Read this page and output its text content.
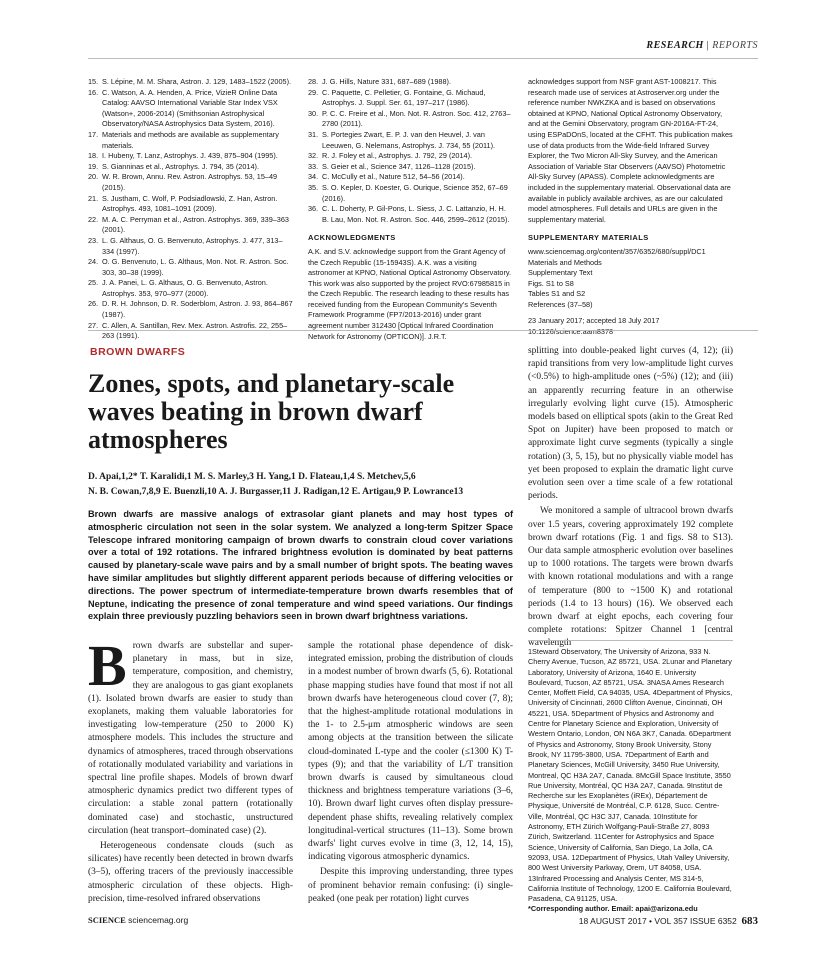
RESEARCH | REPORTS
15. S. Lépine, M. M. Shara, Astron. J. 129, 1483–1522 (2005).
16. C. Watson, A. A. Henden, A. Price, VizieR Online Data Catalog: AAVSO International Variable Star Index VSX (Watson+, 2006-2014) (Smithsonian Astrophysical Observatory/NASA Astrophysics Data System, 2016).
17. Materials and methods are available as supplementary materials.
18. I. Hubeny, T. Lanz, Astrophys. J. 439, 875–904 (1995).
19. S. Gianninas et al., Astrophys. J. 794, 35 (2014).
20. W. R. Brown, Annu. Rev. Astron. Astrophys. 53, 15–49 (2015).
21. S. Justham, C. Wolf, P. Podsiadlowski, Z. Han, Astron. Astrophys. 493, 1081–1091 (2009).
22. M. A. C. Perryman et al., Astron. Astrophys. 369, 339–363 (2001).
23. L. G. Althaus, O. G. Benvenuto, Astrophys. J. 477, 313–334 (1997).
24. O. G. Benvenuto, L. G. Althaus, Mon. Not. R. Astron. Soc. 303, 30–38 (1999).
25. J. A. Panei, L. G. Althaus, O. G. Benvenuto, Astron. Astrophys. 353, 970–977 (2000).
26. D. R. H. Johnson, D. R. Soderblom, Astron. J. 93, 864–867 (1987).
27. C. Allen, A. Santillan, Rev. Mex. Astron. Astrofis. 22, 255–263 (1991).
28. J. G. Hills, Nature 331, 687–689 (1988).
29. C. Paquette, C. Pelletier, G. Fontaine, G. Michaud, Astrophys. J. Suppl. Ser. 61, 197–217 (1986).
30. P. C. C. Freire et al., Mon. Not. R. Astron. Soc. 412, 2763–2780 (2011).
31. S. Portegies Zwart, E. P. J. van den Heuvel, J. van Leeuwen, G. Nelemans, Astrophys. J. 734, 55 (2011).
32. R. J. Foley et al., Astrophys. J. 792, 29 (2014).
33. S. Geier et al., Science 347, 1126–1128 (2015).
34. C. McCully et al., Nature 512, 54–56 (2014).
35. S. O. Kepler, D. Koester, G. Ourique, Science 352, 67–69 (2016).
36. C. L. Doherty, P. Gil-Pons, L. Siess, J. C. Lattanzio, H. H. B. Lau, Mon. Not. R. Astron. Soc. 446, 2599–2612 (2015).
ACKNOWLEDGMENTS
A.K. and S.V. acknowledge support from the Grant Agency of the Czech Republic (15-15943S). A.K. was a visiting astronomer at KPNO, National Optical Astronomy Observatory. This work was also supported by the project RVO:67985815 in the Czech Republic. The research leading to these results has received funding from the European Community's Seventh Framework Programme (FP7/2013-2016) under grant agreement number 312430 [Optical Infrared Coordination Network for Astronomy (OPTICON)]. J.R.T.
acknowledges support from NSF grant AST-1008217. This research made use of services at Astroserver.org under the reference number NWKZKA and is based on observations obtained at KPNO, National Optical Astronomy Observatory, and at the Gemini Observatory, program GN-2016A-FT-24, using ESPaDOnS, located at the CFHT. This publication makes use of data products from the Wide-field Infrared Survey Explorer, the Two Micron All-Sky Survey, and the American Association of Variable Star Observers (AAVSO) Photometric All-Sky Survey (APASS). Complete acknowledgments are included in the supplementary material. Observational data are available in publicly available archives, as are our calculated model atmospheres. Full details and URLs are given in the supplementary material.
SUPPLEMENTARY MATERIALS
www.sciencemag.org/content/357/6352/680/suppl/DC1
Materials and Methods
Supplementary Text
Figs. S1 to S8
Tables S1 and S2
References (37–58)
23 January 2017; accepted 18 July 2017
10.1126/science.aam8378
BROWN DWARFS
Zones, spots, and planetary-scale waves beating in brown dwarf atmospheres
D. Apai,1,2* T. Karalidi,1 M. S. Marley,3 H. Yang,1 D. Flateau,1,4 S. Metchev,5,6
N. B. Cowan,7,8,9 E. Buenzli,10 A. J. Burgasser,11 J. Radigan,12 E. Artigau,9 P. Lowrance13
Brown dwarfs are massive analogs of extrasolar giant planets and may host types of atmospheric circulation not seen in the solar system. We analyzed a long-term Spitzer Space Telescope infrared monitoring campaign of brown dwarfs to constrain cloud cover variations over a total of 192 rotations. The infrared brightness evolution is dominated by beat patterns caused by planetary-scale wave pairs and by a small number of bright spots. The beating waves have similar amplitudes but slightly different apparent periods because of differing velocities or directions. The power spectrum of intermediate-temperature brown dwarfs resembles that of Neptune, indicating the presence of zonal temperature and wind speed variations. Our findings explain three previously puzzling behaviors seen in brown dwarf brightness variations.
Brown dwarfs are substellar and super-planetary in mass, but in size, temperature, composition, and chemistry, they are analogous to gas giant exoplanets (1). Isolated brown dwarfs are easier to study than exoplanets, making them valuable laboratories for investigating low-temperature (250 to 2000 K) atmosphere models. This includes the structure and dynamics of atmospheres, traced through observations of rotationally modulated variability and variations in spectral line profile shapes. Models of brown dwarf atmospheric dynamics predict two different types of circulation: a stable zonal pattern (rotationally dominated case) and stochastic, unstructured circulation (heat transport–dominated case) (2).
Heterogeneous condensate clouds (such as silicates) have recently been detected in brown dwarfs (3–5), offering tracers of the previously inaccessible atmospheric circulation of these objects. High-precision, time-resolved infrared observations
sample the rotational phase dependence of disk-integrated emission, probing the distribution of clouds in a modest number of brown dwarfs (5, 6). Rotational phase mapping studies have found that most if not all brown dwarfs have heterogeneous cloud cover (7, 8); that the highest-amplitude rotational modulations in the 1- to 2.5-μm atmospheric windows are seen among objects at the transition between the silicate cloud-dominated L-type and the cooler (≤1300 K) T-types (9); and that the variability of L/T transition brown dwarfs is caused by simultaneous cloud thickness and brightness temperature variations (3–6, 10). Brown dwarf light curves often display pressure-dependent phase shifts, revealing relatively complex longitudinal-vertical structures (11–13). Some brown dwarfs' light curves evolve in time (3, 12, 14, 15), indicating vigorous atmospheric dynamics.
Despite this improving understanding, three types of prominent behavior remain confusing: (i) single-peaked (one peak per rotation) light curves
splitting into double-peaked light curves (4, 12); (ii) rapid transitions from very low-amplitude light curves (<0.5%) to high-amplitude ones (~5%) (12); and (iii) an apparently recurring feature in an otherwise irregularly evolving light curve (15). Atmospheric models based on elliptical spots (akin to the Great Red Spot on Jupiter) have been proposed to match or approximate light curve segments (typically a single rotation) (3, 5, 15), but no physically viable model has yet been proposed to explain the dramatic light curve evolution seen over a time scale of a few rotational periods.
We monitored a sample of ultracool brown dwarfs over 1.5 years, covering approximately 192 complete brown dwarf rotations (Fig. 1 and figs. S8 to S13). Our data sample atmospheric evolution over baselines up to 1000 rotations. The targets were brown dwarfs with known rotational modulations and with a range of temperature (800 to ~1500 K) and rotational periods (1.4 to 13 hours) (16). We observed each brown dwarf at eight epochs, each covering four complete rotations: Spitzer Channel 1 [central wavelength
1Steward Observatory, The University of Arizona, 933 N. Cherry Avenue, Tucson, AZ 85721, USA. 2Lunar and Planetary Laboratory, University of Arizona, 1640 E. University Boulevard, Tucson, AZ 85721, USA. 3NASA Ames Research Center, Moffett Field, CA 94035, USA. 4Department of Physics, University of Cincinnati, 2600 Clifton Avenue, Cincinnati, OH 45221, USA. 5Department of Physics and Astronomy and Centre for Planetary Science and Exploration, University of Western Ontario, London, ON N6A 3K7, Canada. 6Department of Physics and Astronomy, Stony Brook University, Stony Brook, NY 11795-3800, USA. 7Department of Earth and Planetary Sciences, McGill University, 3450 Rue University, Montreal, QC H3A 2A7, Canada. 8McGill Space Institute, 3550 Rue University, Montréal, QC H3A 2A7, Canada. 9Institut de Recherche sur les Exoplanètes (iREx), Département de Physique, Université de Montréal, C.P. 6128, Succ. Centre-Ville, Montréal, QC H3C 3J7, Canada. 10Institute for Astronomy, ETH Zürich Wolfgang-Pauli-Straße 27, 8093 Zürich, Switzerland. 11Center for Astrophysics and Space Science, University of California, San Diego, La Jolla, CA 92093, USA. 12Department of Physics, Utah Valley University, 800 West University Parkway, Orem, UT 84058, USA. 13Infrared Processing and Analysis Center, MS 314-5, California Institute of Technology, 1200 E. California Boulevard, Pasadena, CA 91125, USA.
*Corresponding author. Email: apai@arizona.edu
SCIENCE sciencemag.org	18 AUGUST 2017 • VOL 357 ISSUE 6352 683
